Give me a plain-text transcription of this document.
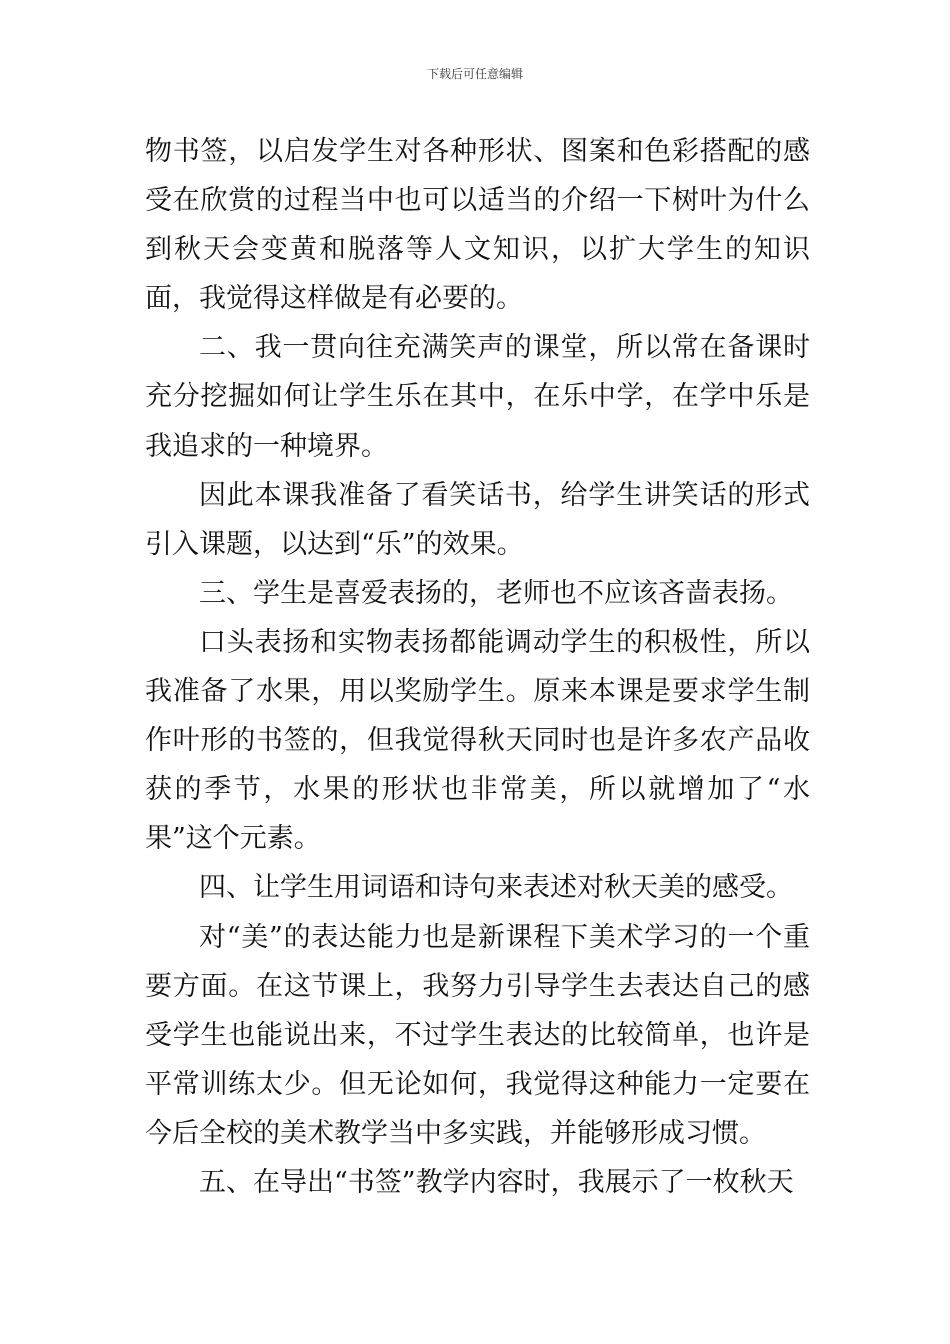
下载后可任意编辑

物书签，以启发学生对各种形状、图案和色彩搭配的感受在欣赏的过程当中也可以适当的介绍一下树叶为什么到秋天会变黄和脱落等人文知识，以扩大学生的知识面，我觉得这样做是有必要的。

二、我一贯向往充满笑声的课堂，所以常在备课时充分挖掘如何让学生乐在其中，在乐中学，在学中乐是我追求的一种境界。

因此本课我准备了看笑话书，给学生讲笑话的形式引入课题，以达到“乐”的效果。

三、学生是喜爱表扬的，老师也不应该吝啬表扬。

口头表扬和实物表扬都能调动学生的积极性，所以我准备了水果，用以奖励学生。原来本课是要求学生制作叶形的书签的，但我觉得秋天同时也是许多农产品收获的季节，水果的形状也非常美，所以就增加了“水果”这个元素。

四、让学生用词语和诗句来表述对秋天美的感受。

对“美”的表达能力也是新课程下美术学习的一个重要方面。在这节课上，我努力引导学生去表达自己的感受学生也能说出来，不过学生表达的比较简单，也许是平常训练太少。但无论如何，我觉得这种能力一定要在今后全校的美术教学当中多实践，并能够形成习惯。

五、在导出“书签”教学内容时，我展示了一枚秋天
